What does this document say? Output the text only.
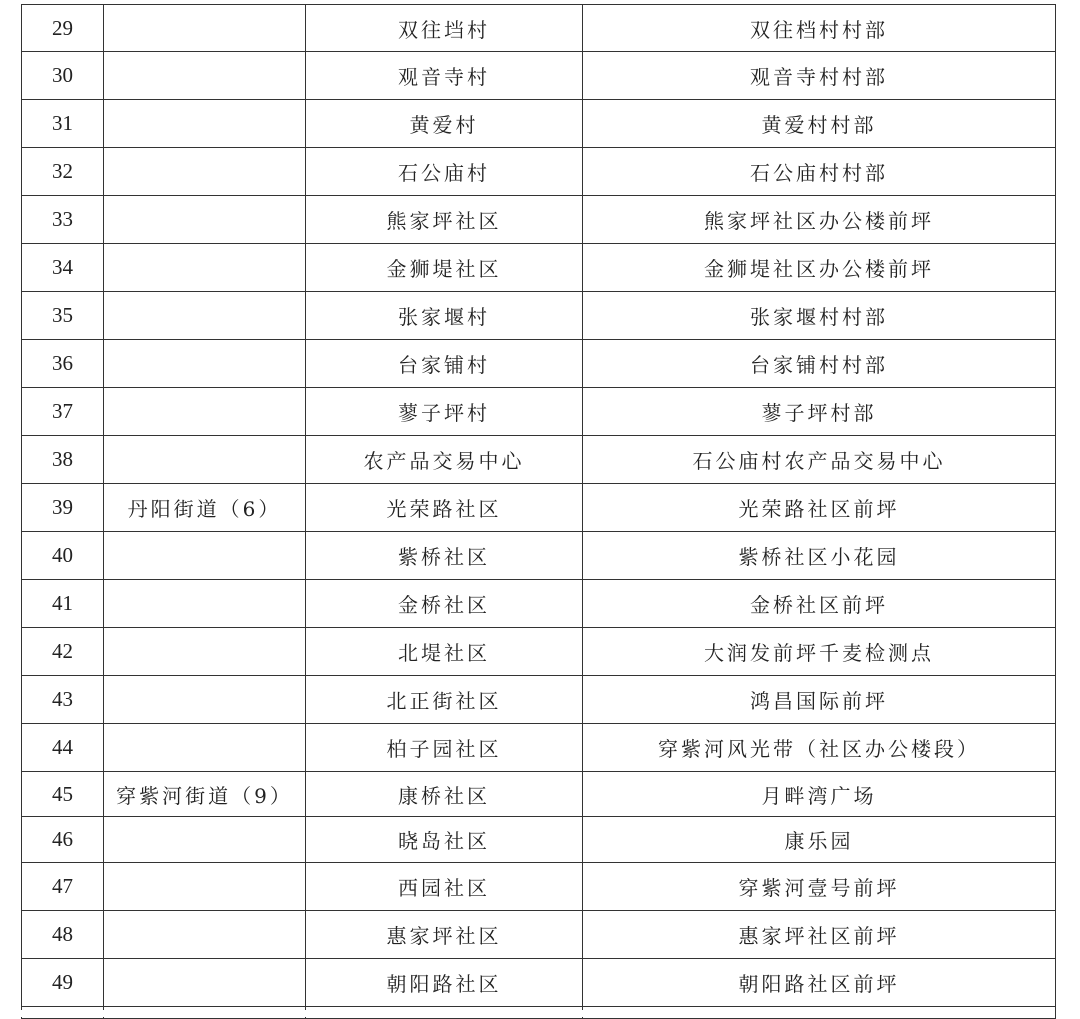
29		双往垱村	双往档村村部
30		观音寺村	观音寺村村部
31		黄爱村	黄爱村村部
32		石公庙村	石公庙村村部
33		熊家坪社区	熊家坪社区办公楼前坪
34		金狮堤社区	金狮堤社区办公楼前坪
35		张家堰村	张家堰村村部
36		台家铺村	台家铺村村部
37		蓼子坪村	蓼子坪村部
38		农产品交易中心	石公庙村农产品交易中心
39	丹阳街道（6）	光荣路社区	光荣路社区前坪
40		紫桥社区	紫桥社区小花园
41		金桥社区	金桥社区前坪
42		北堤社区	大润发前坪千麦检测点
43		北正街社区	鸿昌国际前坪
44		柏子园社区	穿紫河风光带（社区办公楼段）
45	穿紫河街道（9）	康桥社区	月畔湾广场
46		晓岛社区	康乐园
47		西园社区	穿紫河壹号前坪
48		惠家坪社区	惠家坪社区前坪
49		朝阳路社区	朝阳路社区前坪
